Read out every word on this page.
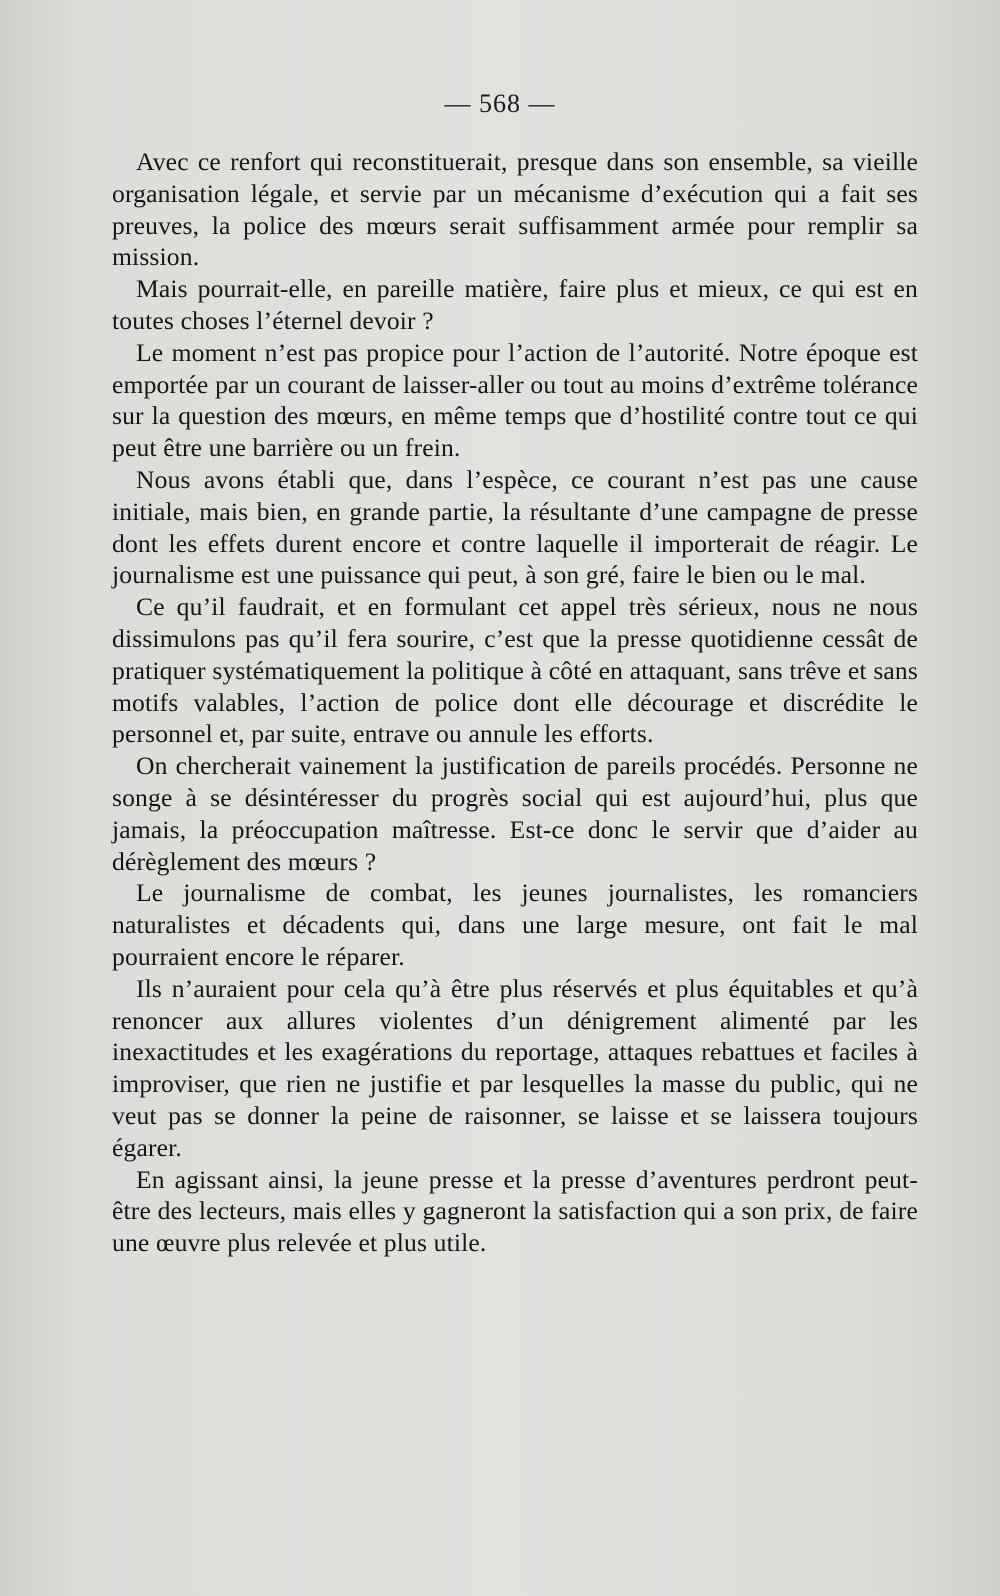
— 568 —

Avec ce renfort qui reconstituerait, presque dans son ensemble, sa vieille organisation légale, et servie par un mécanisme d’exécution qui a fait ses preuves, la police des mœurs serait suffisamment armée pour remplir sa mission.

Mais pourrait-elle, en pareille matière, faire plus et mieux, ce qui est en toutes choses l’éternel devoir ?

Le moment n’est pas propice pour l’action de l’autorité. Notre époque est emportée par un courant de laisser-aller ou tout au moins d’extrême tolérance sur la question des mœurs, en même temps que d’hostilité contre tout ce qui peut être une barrière ou un frein.

Nous avons établi que, dans l’espèce, ce courant n’est pas une cause initiale, mais bien, en grande partie, la résultante d’une campagne de presse dont les effets durent encore et contre laquelle il importerait de réagir. Le journalisme est une puissance qui peut, à son gré, faire le bien ou le mal.

Ce qu’il faudrait, et en formulant cet appel très sérieux, nous ne nous dissimulons pas qu’il fera sourire, c’est que la presse quotidienne cessât de pratiquer systématiquement la politique à côté en attaquant, sans trêve et sans motifs valables, l’action de police dont elle décourage et discrédite le personnel et, par suite, entrave ou annule les efforts.

On chercherait vainement la justification de pareils procédés. Personne ne songe à se désintéresser du progrès social qui est aujourd’hui, plus que jamais, la préoccupation maîtresse. Est-ce donc le servir que d’aider au dérèglement des mœurs ?

Le journalisme de combat, les jeunes journalistes, les romanciers naturalistes et décadents qui, dans une large mesure, ont fait le mal pourraient encore le réparer.

Ils n’auraient pour cela qu’à être plus réservés et plus équitables et qu’à renoncer aux allures violentes d’un dénigrement alimenté par les inexactitudes et les exagérations du reportage, attaques rebattues et faciles à improviser, que rien ne justifie et par lesquelles la masse du public, qui ne veut pas se donner la peine de raisonner, se laisse et se laissera toujours égarer.

En agissant ainsi, la jeune presse et la presse d’aventures perdront peut-être des lecteurs, mais elles y gagneront la satisfaction qui a son prix, de faire une œuvre plus relevée et plus utile.
